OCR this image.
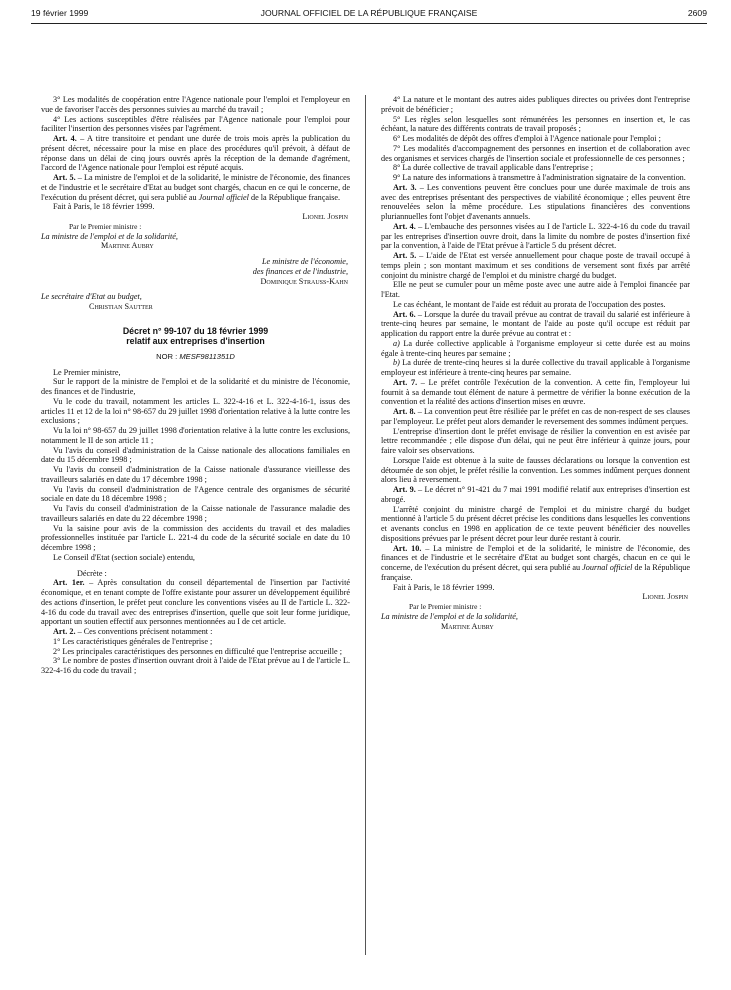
19 février 1999	JOURNAL OFFICIEL DE LA RÉPUBLIQUE FRANÇAISE	2609

3° Les modalités de coopération entre l'Agence nationale pour l'emploi et l'employeur en vue de favoriser l'accès des personnes suivies au marché du travail ;

4° Les actions susceptibles d'être réalisées par l'Agence nationale pour l'emploi pour faciliter l'insertion des personnes visées par l'agrément.

Art. 4. – A titre transitoire et pendant une durée de trois mois après la publication du présent décret, nécessaire pour la mise en place des procédures qu'il prévoit, à défaut de réponse dans un délai de cinq jours ouvrés après la réception de la demande d'agrément, l'accord de l'Agence nationale pour l'emploi est réputé acquis.

Art. 5. – La ministre de l'emploi et de la solidarité, le ministre de l'économie, des finances et de l'industrie et le secrétaire d'Etat au budget sont chargés, chacun en ce qui le concerne, de l'exécution du présent décret, qui sera publié au Journal officiel de la République française.

Fait à Paris, le 18 février 1999.

Lionel Jospin

Par le Premier ministre :

La ministre de l'emploi et de la solidarité,

Martine Aubry

Le ministre de l'économie,

des finances et de l'industrie,

Dominique Strauss-Kahn

Le secrétaire d'Etat au budget,

Christian Sautter

Décret n° 99-107 du 18 février 1999

relatif aux entreprises d'insertion

NOR : MESF9811351D

Le Premier ministre,

Sur le rapport de la ministre de l'emploi et de la solidarité et du ministre de l'économie, des finances et de l'industrie,

Vu le code du travail, notamment les articles L. 322-4-16 et L. 322-4-16-1, issus des articles 11 et 12 de la loi n° 98-657 du 29 juillet 1998 d'orientation relative à la lutte contre les exclusions ;

Vu la loi n° 98-657 du 29 juillet 1998 d'orientation relative à la lutte contre les exclusions, notamment le II de son article 11 ;

Vu l'avis du conseil d'administration de la Caisse nationale des allocations familiales en date du 15 décembre 1998 ;

Vu l'avis du conseil d'administration de la Caisse nationale d'assurance vieillesse des travailleurs salariés en date du 17 décembre 1998 ;

Vu l'avis du conseil d'administration de l'Agence centrale des organismes de sécurité sociale en date du 18 décembre 1998 ;

Vu l'avis du conseil d'administration de la Caisse nationale de l'assurance maladie des travailleurs salariés en date du 22 décembre 1998 ;

Vu la saisine pour avis de la commission des accidents du travail et des maladies professionnelles instituée par l'article L. 221-4 du code de la sécurité sociale en date du 10 décembre 1998 ;

Le Conseil d'Etat (section sociale) entendu,

Décrète :

Art. 1er. – Après consultation du conseil départemental de l'insertion par l'activité économique, et en tenant compte de l'offre existante pour assurer un développement équilibré des actions d'insertion, le préfet peut conclure les conventions visées au II de l'article L. 322-4-16 du code du travail avec des entreprises d'insertion, quelle que soit leur forme juridique, apportant un soutien effectif aux personnes mentionnées au I de cet article.

Art. 2. – Ces conventions précisent notamment :

1° Les caractéristiques générales de l'entreprise ;

2° Les principales caractéristiques des personnes en difficulté que l'entreprise accueille ;

3° Le nombre de postes d'insertion ouvrant droit à l'aide de l'Etat prévue au I de l'article L. 322-4-16 du code du travail ;

4° La nature et le montant des autres aides publiques directes ou privées dont l'entreprise prévoit de bénéficier ;

5° Les règles selon lesquelles sont rémunérées les personnes en insertion et, le cas échéant, la nature des différents contrats de travail proposés ;

6° Les modalités de dépôt des offres d'emploi à l'Agence nationale pour l'emploi ;

7° Les modalités d'accompagnement des personnes en insertion et de collaboration avec des organismes et services chargés de l'insertion sociale et professionnelle de ces personnes ;

8° La durée collective de travail applicable dans l'entreprise ;

9° La nature des informations à transmettre à l'administration signataire de la convention.

Art. 3. – Les conventions peuvent être conclues pour une durée maximale de trois ans avec des entreprises présentant des perspectives de viabilité économique ; elles peuvent être renouvelées selon la même procédure. Les stipulations financières des conventions pluriannuelles font l'objet d'avenants annuels.

Art. 4. – L'embauche des personnes visées au I de l'article L. 322-4-16 du code du travail par les entreprises d'insertion ouvre droit, dans la limite du nombre de postes d'insertion fixé par la convention, à l'aide de l'Etat prévue à l'article 5 du présent décret.

Art. 5. – L'aide de l'Etat est versée annuellement pour chaque poste de travail occupé à temps plein ; son montant maximum et ses conditions de versement sont fixés par arrêté conjoint du ministre chargé de l'emploi et du ministre chargé du budget.

Elle ne peut se cumuler pour un même poste avec une autre aide à l'emploi financée par l'Etat.

Le cas échéant, le montant de l'aide est réduit au prorata de l'occupation des postes.

Art. 6. – Lorsque la durée du travail prévue au contrat de travail du salarié est inférieure à trente-cinq heures par semaine, le montant de l'aide au poste qu'il occupe est réduit par application du rapport entre la durée prévue au contrat et :

a) La durée collective applicable à l'organisme employeur si cette durée est au moins égale à trente-cinq heures par semaine ;

b) La durée de trente-cinq heures si la durée collective du travail applicable à l'organisme employeur est inférieure à trente-cinq heures par semaine.

Art. 7. – Le préfet contrôle l'exécution de la convention. A cette fin, l'employeur lui fournit à sa demande tout élément de nature à permettre de vérifier la bonne exécution de la convention et la réalité des actions d'insertion mises en œuvre.

Art. 8. – La convention peut être résiliée par le préfet en cas de non-respect de ses clauses par l'employeur. Le préfet peut alors demander le reversement des sommes indûment perçues.

L'entreprise d'insertion dont le préfet envisage de résilier la convention en est avisée par lettre recommandée ; elle dispose d'un délai, qui ne peut être inférieur à quinze jours, pour faire valoir ses observations.

Lorsque l'aide est obtenue à la suite de fausses déclarations ou lorsque la convention est détournée de son objet, le préfet résilie la convention. Les sommes indûment perçues donnent alors lieu à reversement.

Art. 9. – Le décret n° 91-421 du 7 mai 1991 modifié relatif aux entreprises d'insertion est abrogé.

L'arrêté conjoint du ministre chargé de l'emploi et du ministre chargé du budget mentionné à l'article 5 du présent décret précise les conditions dans lesquelles les conventions et avenants conclus en 1998 en application de ce texte peuvent bénéficier des nouvelles dispositions prévues par le présent décret pour leur durée restant à courir.

Art. 10. – La ministre de l'emploi et de la solidarité, le ministre de l'économie, des finances et de l'industrie et le secrétaire d'Etat au budget sont chargés, chacun en ce qui le concerne, de l'exécution du présent décret, qui sera publié au Journal officiel de la République française.

Fait à Paris, le 18 février 1999.

Lionel Jospin

Par le Premier ministre :

La ministre de l'emploi et de la solidarité,

Martine Aubry
